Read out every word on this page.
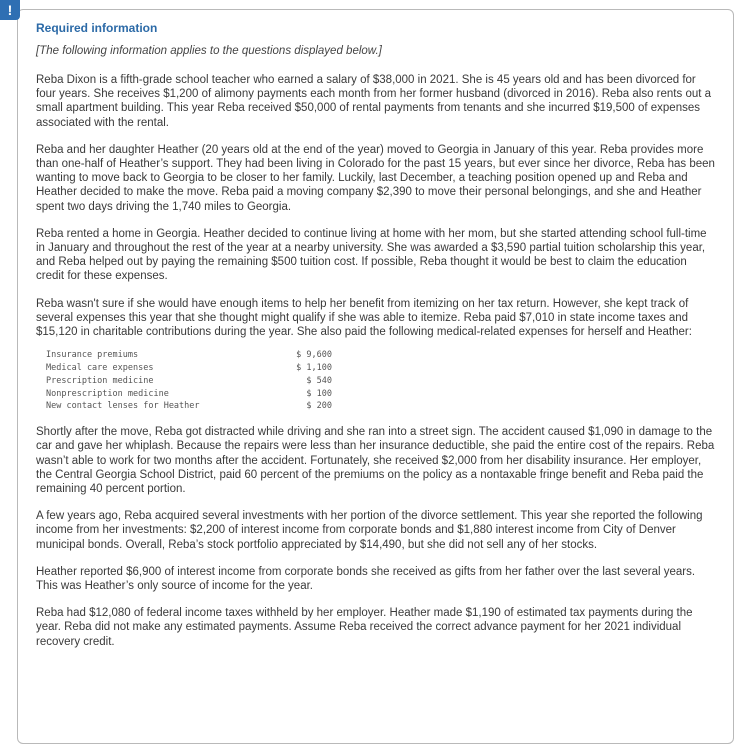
!
Required information
[The following information applies to the questions displayed below.]

Reba Dixon is a fifth-grade school teacher who earned a salary of $38,000 in 2021. She is 45 years old and has been divorced for four years. She receives $1,200 of alimony payments each month from her former husband (divorced in 2016). Reba also rents out a small apartment building. This year Reba received $50,000 of rental payments from tenants and she incurred $19,500 of expenses associated with the rental.

Reba and her daughter Heather (20 years old at the end of the year) moved to Georgia in January of this year. Reba provides more than one-half of Heather’s support. They had been living in Colorado for the past 15 years, but ever since her divorce, Reba has been wanting to move back to Georgia to be closer to her family. Luckily, last December, a teaching position opened up and Reba and Heather decided to make the move. Reba paid a moving company $2,390 to move their personal belongings, and she and Heather spent two days driving the 1,740 miles to Georgia.

Reba rented a home in Georgia. Heather decided to continue living at home with her mom, but she started attending school full-time in January and throughout the rest of the year at a nearby university. She was awarded a $3,590 partial tuition scholarship this year, and Reba helped out by paying the remaining $500 tuition cost. If possible, Reba thought it would be best to claim the education credit for these expenses.

Reba wasn't sure if she would have enough items to help her benefit from itemizing on her tax return. However, she kept track of several expenses this year that she thought might qualify if she was able to itemize. Reba paid $7,010 in state income taxes and $15,120 in charitable contributions during the year. She also paid the following medical-related expenses for herself and Heather:

Insurance premiums	$ 9,600
Medical care expenses	$ 1,100
Prescription medicine	$ 540
Nonprescription medicine	$ 100
New contact lenses for Heather	$ 200

Shortly after the move, Reba got distracted while driving and she ran into a street sign. The accident caused $1,090 in damage to the car and gave her whiplash. Because the repairs were less than her insurance deductible, she paid the entire cost of the repairs. Reba wasn’t able to work for two months after the accident. Fortunately, she received $2,000 from her disability insurance. Her employer, the Central Georgia School District, paid 60 percent of the premiums on the policy as a nontaxable fringe benefit and Reba paid the remaining 40 percent portion.

A few years ago, Reba acquired several investments with her portion of the divorce settlement. This year she reported the following income from her investments: $2,200 of interest income from corporate bonds and $1,880 interest income from City of Denver municipal bonds. Overall, Reba’s stock portfolio appreciated by $14,490, but she did not sell any of her stocks.

Heather reported $6,900 of interest income from corporate bonds she received as gifts from her father over the last several years. This was Heather’s only source of income for the year.

Reba had $12,080 of federal income taxes withheld by her employer. Heather made $1,190 of estimated tax payments during the year. Reba did not make any estimated payments. Assume Reba received the correct advance payment for her 2021 individual recovery credit.
